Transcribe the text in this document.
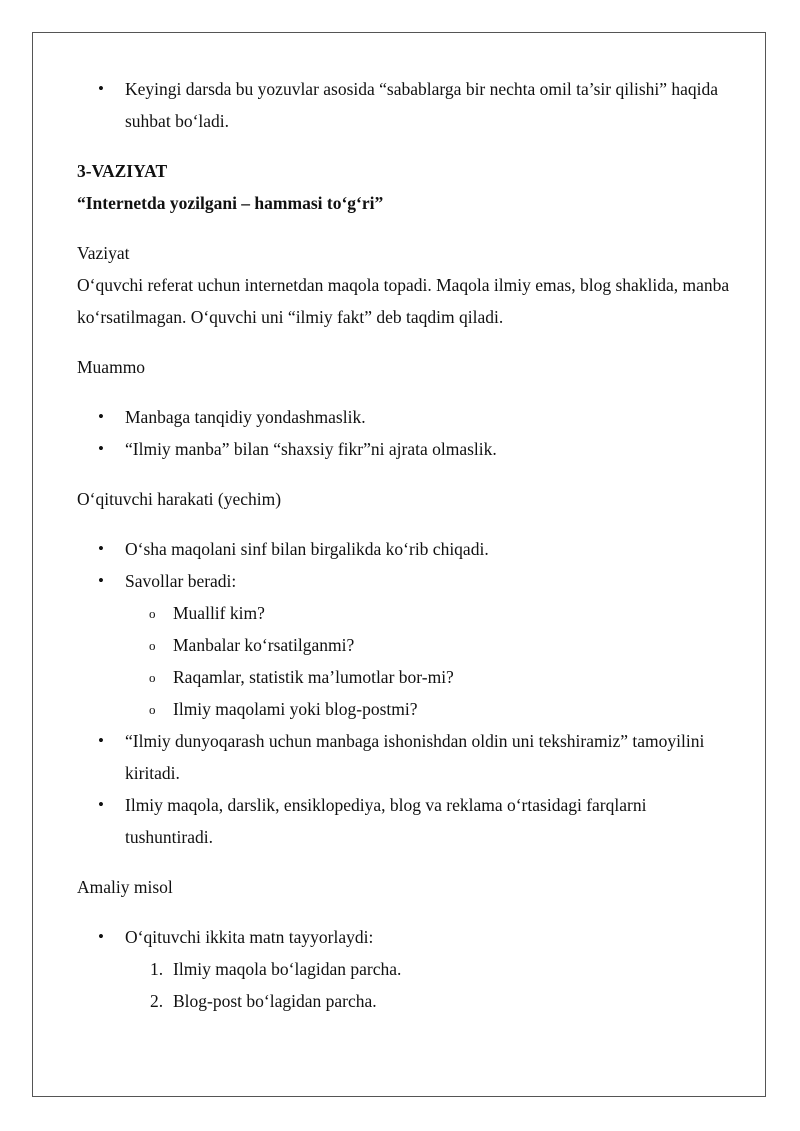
• Keyingi darsda bu yozuvlar asosida “sabablarga bir nechta omil ta’sir qilishi” haqida suhbat bo‘ladi.

3-VAZIYAT

“Internetda yozilgani – hammasi to‘g‘ri”

Vaziyat

O‘quvchi referat uchun internetdan maqola topadi. Maqola ilmiy emas, blog shaklida, manba ko‘rsatilmagan. O‘quvchi uni “ilmiy fakt” deb taqdim qiladi.

Muammo

• Manbaga tanqidiy yondashmaslik.
• “Ilmiy manba” bilan “shaxsiy fikr”ni ajrata olmaslik.

O‘qituvchi harakati (yechim)

• O‘sha maqolani sinf bilan birgalikda ko‘rib chiqadi.
• Savollar beradi:
o Muallif kim?
o Manbalar ko‘rsatilganmi?
o Raqamlar, statistik ma’lumotlar bor-mi?
o Ilmiy maqolami yoki blog-postmi?
• “Ilmiy dunyoqarash uchun manbaga ishonishdan oldin uni tekshiramiz” tamoyilini kiritadi.
• Ilmiy maqola, darslik, ensiklopediya, blog va reklama o‘rtasidagi farqlarni tushuntiradi.

Amaliy misol

• O‘qituvchi ikkita matn tayyorlaydi:
1. Ilmiy maqola bo‘lagidan parcha.
2. Blog-post bo‘lagidan parcha.
